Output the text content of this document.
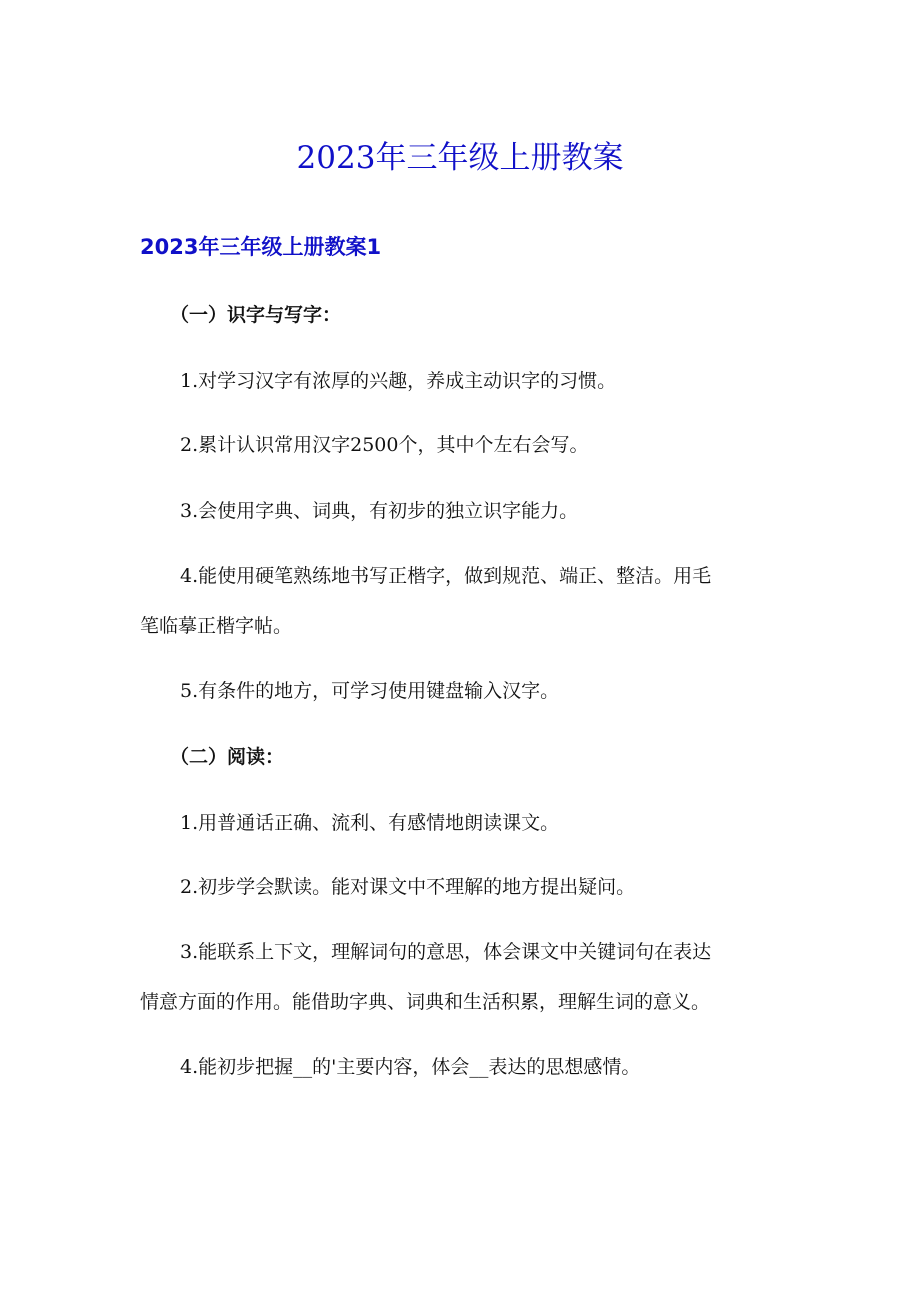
2023年三年级上册教案
2023年三年级上册教案1

（一）识字与写字：

1.对学习汉字有浓厚的兴趣，养成主动识字的习惯。

2.累计认识常用汉字2500个，其中个左右会写。

3.会使用字典、词典，有初步的独立识字能力。

4.能使用硬笔熟练地书写正楷字，做到规范、端正、整洁。用毛

笔临摹正楷字帖。

5.有条件的地方，可学习使用键盘输入汉字。

（二）阅读：

1.用普通话正确、流利、有感情地朗读课文。

2.初步学会默读。能对课文中不理解的地方提出疑问。

3.能联系上下文，理解词句的意思，体会课文中关键词句在表达

情意方面的作用。能借助字典、词典和生活积累，理解生词的意义。

4.能初步把握__的'主要内容，体会__表达的思想感情。
